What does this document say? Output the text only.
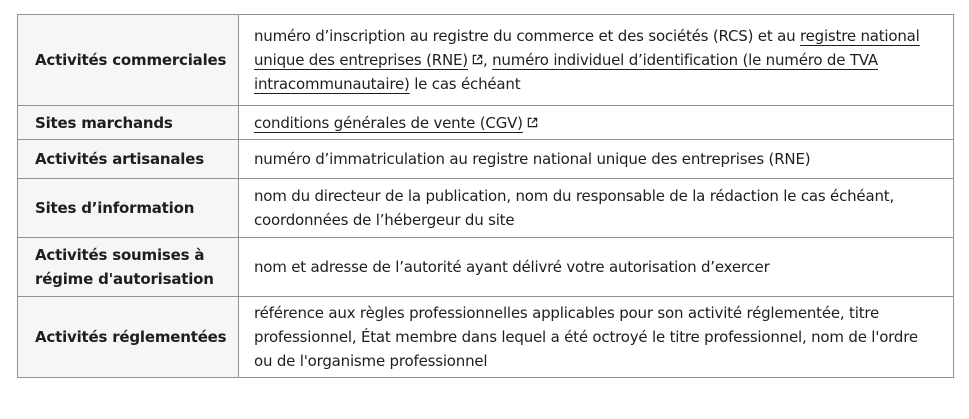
Activités commerciales	numéro d’inscription au registre du commerce et des sociétés (RCS) et au registre national unique des entreprises (RNE) , numéro individuel d’identification (le numéro de TVA intracommunautaire) le cas échéant
Sites marchands	conditions générales de vente (CGV)
Activités artisanales	numéro d’immatriculation au registre national unique des entreprises (RNE)
Sites d’information	nom du directeur de la publication, nom du responsable de la rédaction le cas échéant, coordonnées de l’hébergeur du site
Activités soumises à régime d'autorisation	nom et adresse de l’autorité ayant délivré votre autorisation d’exercer
Activités réglementées	référence aux règles professionnelles applicables pour son activité réglementée, titre professionnel, État membre dans lequel a été octroyé le titre professionnel, nom de l'ordre ou de l'organisme professionnel
